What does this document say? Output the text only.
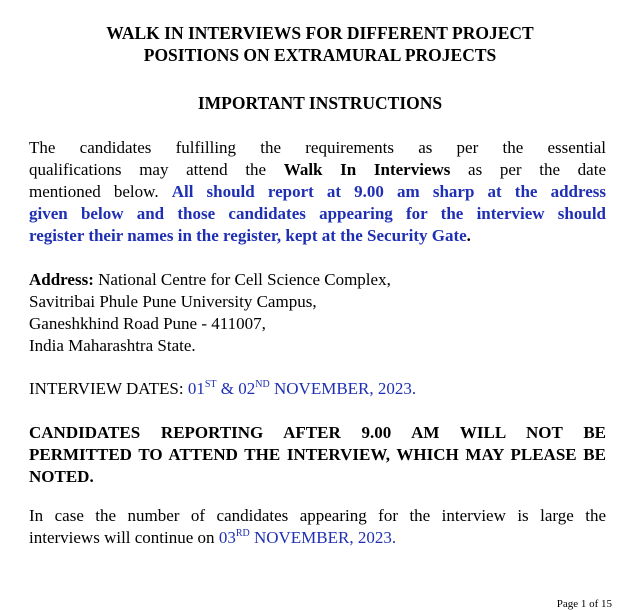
WALK IN INTERVIEWS FOR DIFFERENT PROJECT
POSITIONS ON EXTRAMURAL PROJECTS
IMPORTANT INSTRUCTIONS
The candidates fulfilling the requirements as per the essential
qualifications may attend the Walk In Interviews as per the date
mentioned below. All should report at 9.00 am sharp at the address
given below and those candidates appearing for the interview should
register their names in the register, kept at the Security Gate.
Address: National Centre for Cell Science Complex,
Savitribai Phule Pune University Campus,
Ganeshkhind Road Pune - 411007,
India Maharashtra State.
INTERVIEW DATES: 01ST & 02ND NOVEMBER, 2023.
CANDIDATES REPORTING AFTER 9.00 AM WILL NOT BE
PERMITTED TO ATTEND THE INTERVIEW, WHICH MAY PLEASE BE
NOTED.
In case the number of candidates appearing for the interview is large the
interviews will continue on 03RD NOVEMBER, 2023.
Page 1 of 15
